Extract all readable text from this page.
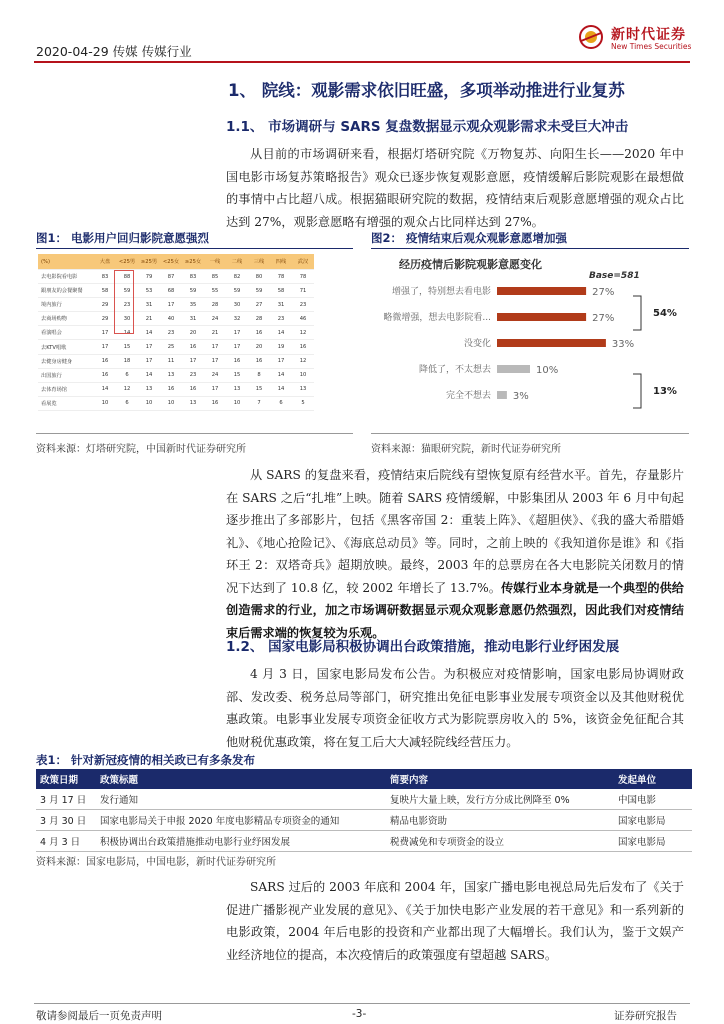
2020-04-29 传媒 传媒行业
新时代证券
New Times Securities
1、 院线：观影需求依旧旺盛，多项举动推进行业复苏
1.1、 市场调研与 SARS 复盘数据显示观众观影需求未受巨大冲击
从目前的市场调研来看，根据灯塔研究院《万物复苏、向阳生长——2020 年中国电影市场复苏策略报告》观众已逐步恢复观影意愿，疫情缓解后影院观影在最想做的事情中占比超八成。根据猫眼研究院的数据，疫情结束后观影意愿增强的观众占比达到 27%，观影意愿略有增强的观众占比同样达到 27%。
图1： 电影用户回归影院意愿强烈
(%)	大盘	<25男	≥25男	<25女	≥25女	一线	二线	三线	四线	武汉
去电影院看电影	83	88	79	87	83	85	82	80	78	78
跟朋友的会餐聚餐	58	59	53	68	59	55	59	59	58	71
境内旅行	29	23	31	17	35	28	30	27	31	23
去商场购物	29	30	21	40	31	24	32	28	23	46
看演唱会	17	14	14	23	20	21	17	16	14	12
去KTV唱歌	17	15	17	25	16	17	17	20	19	16
去健身房健身	16	18	17	11	17	17	16	16	17	12
出国旅行	16	6	14	13	23	24	15	8	14	10
去体育场馆	14	12	13	16	16	17	13	15	14	13
看展览	10	6	10	10	13	16	10	7	6	5
资料来源：灯塔研究院，中国新时代证券研究所
图2： 疫情结束后观众观影意愿增加强
经历疫情后影院观影意愿变化
Base=581
增强了，特别想去看电影	27%
略微增强，想去电影院看...	27%
没变化	33%
降低了，不太想去	10%
完全不想去 3%
54%
13%
资料来源：猫眼研究院，新时代证券研究所
从 SARS 的复盘来看，疫情结束后院线有望恢复原有经营水平。首先，存量影片在 SARS 之后“扎堆”上映。随着 SARS 疫情缓解，中影集团从 2003 年 6 月中旬起逐步推出了多部影片，包括《黑客帝国 2：重装上阵》、《超胆侠》、《我的盛大希腊婚礼》、《地心抢险记》、《海底总动员》等。同时，之前上映的《我知道你是谁》和《指环王 2：双塔奇兵》超期放映。最终，2003 年的总票房在各大电影院关闭数月的情况下达到了 10.8 亿，较 2002 年增长了 13.7%。传媒行业本身就是一个典型的供给创造需求的行业，加之市场调研数据显示观众观影意愿仍然强烈，因此我们对疫情结束后需求端的恢复较为乐观。
1.2、 国家电影局积极协调出台政策措施，推动电影行业纾困发展
4 月 3 日，国家电影局发布公告。为积极应对疫情影响，国家电影局协调财政部、发改委、税务总局等部门，研究推出免征电影事业发展专项资金以及其他财税优惠政策。电影事业发展专项资金征收方式为影院票房收入的 5%，该资金免征配合其他财税优惠政策，将在复工后大大减轻院线经营压力。
表1： 针对新冠疫情的相关政已有多条发布
政策日期	政策标题	简要内容	发起单位
3 月 17 日	发行通知	复映片大量上映，发行方分成比例降至 0%	中国电影
3 月 30 日	国家电影局关于申报 2020 年度电影精品专项资金的通知	精品电影资助	国家电影局
4 月 3 日	积极协调出台政策措施推动电影行业纾困发展	税费减免和专项资金的设立	国家电影局
资料来源：国家电影局，中国电影，新时代证券研究所
SARS 过后的 2003 年底和 2004 年，国家广播电影电视总局先后发布了《关于促进广播影视产业发展的意见》、《关于加快电影产业发展的若干意见》和一系列新的电影政策，2004 年后电影的投资和产业都出现了大幅增长。我们认为，鉴于文娱产业经济地位的提高，本次疫情后的政策强度有望超越 SARS。
敬请参阅最后一页免责声明	-3-	证券研究报告
